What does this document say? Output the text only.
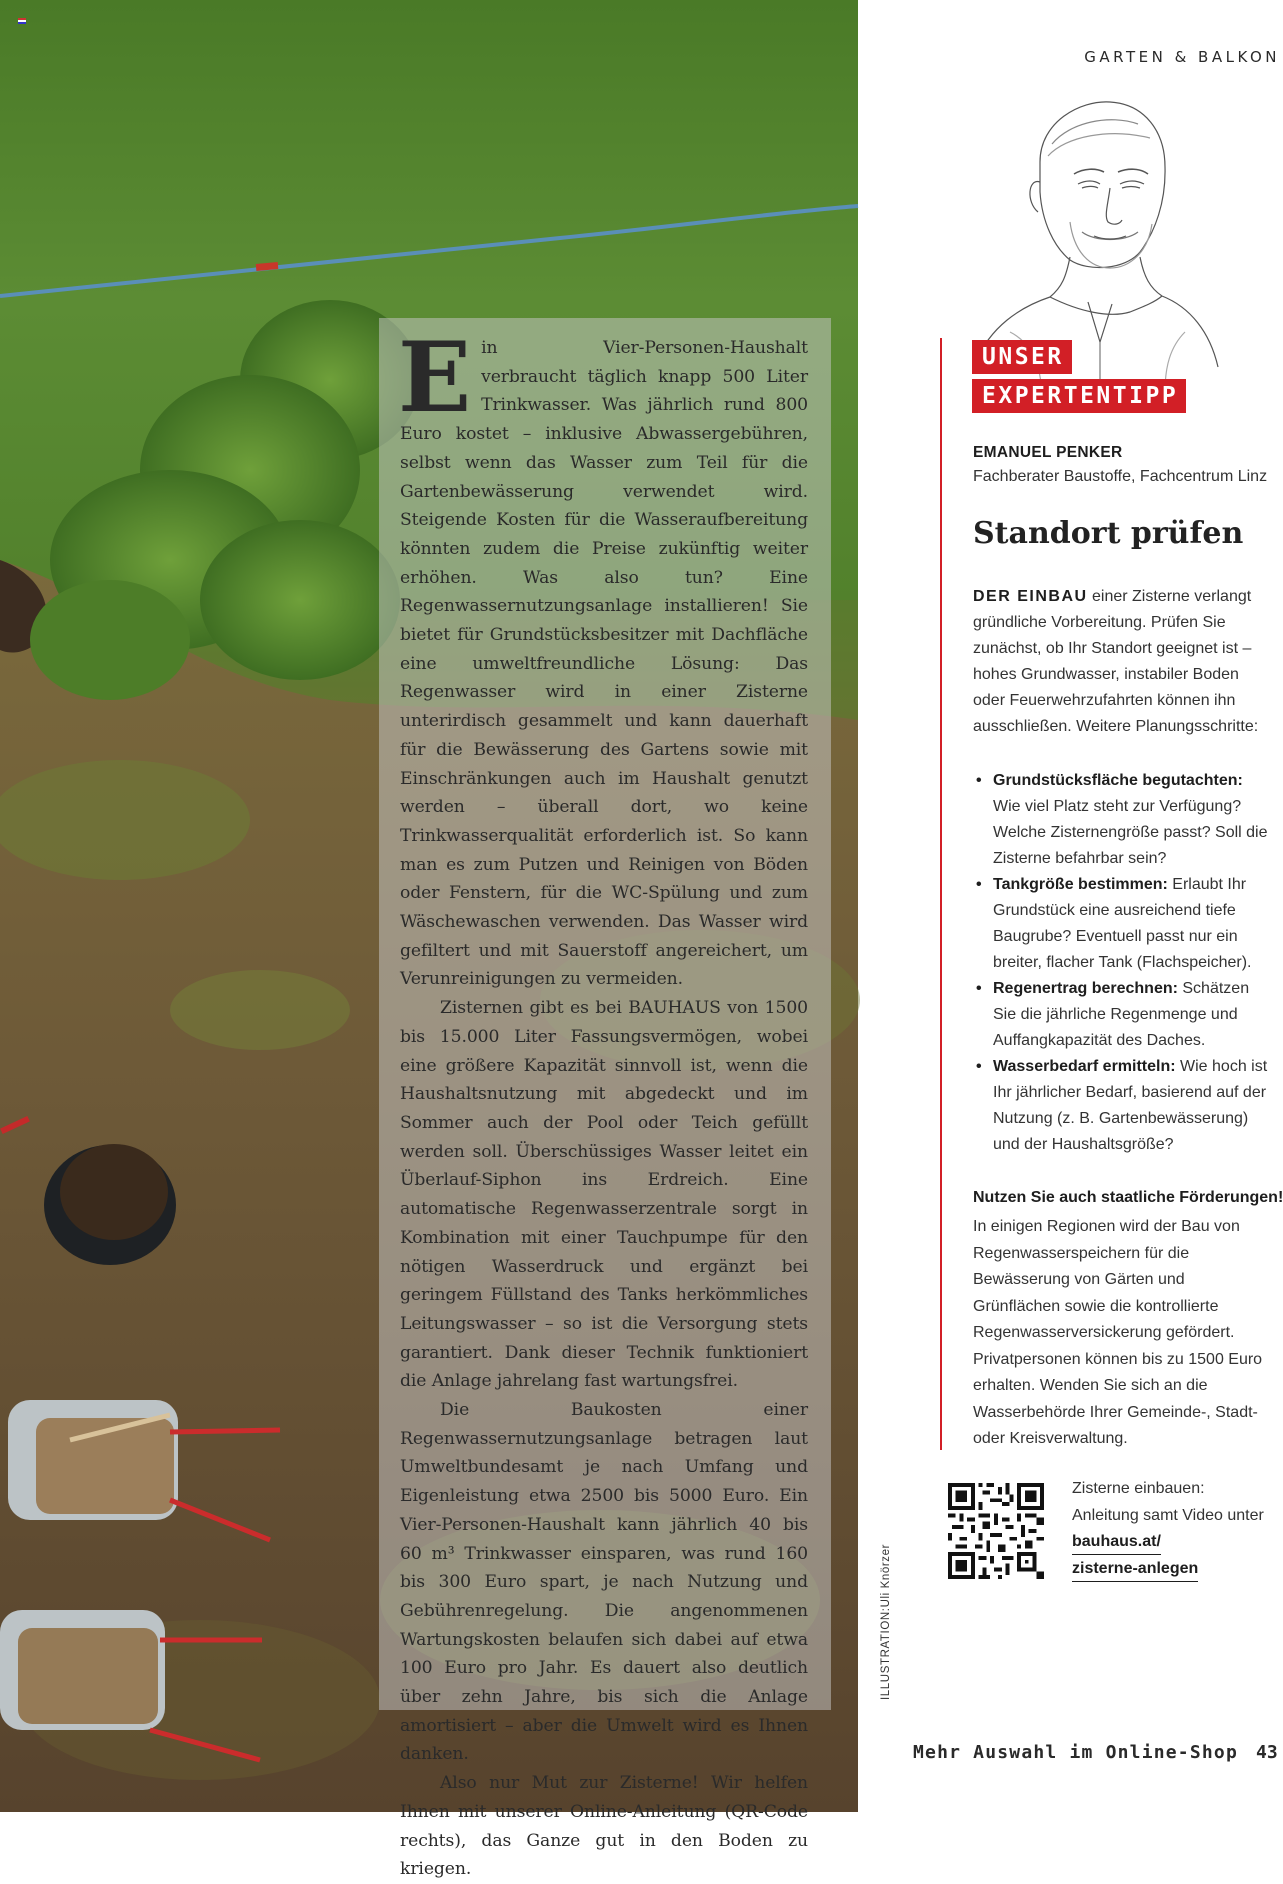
E in Vier-Personen-Haushalt verbraucht täglich knapp 500 Liter Trinkwasser. Was jährlich rund 800 Euro kostet – inklusive Abwassergebühren, selbst wenn das Wasser zum Teil für die Gartenbewässerung verwendet wird. Steigende Kosten für die Wasseraufbereitung könnten zudem die Preise zukünftig weiter erhöhen. Was also tun? Eine Regenwassernutzungsanlage installieren! Sie bietet für Grundstücksbesitzer mit Dachfläche eine umweltfreundliche Lösung: Das Regenwasser wird in einer Zisterne unterirdisch gesammelt und kann dauerhaft für die Bewässerung des Gartens sowie mit Einschränkungen auch im Haushalt genutzt werden – überall dort, wo keine Trinkwasserqualität erforderlich ist. So kann man es zum Putzen und Reinigen von Böden oder Fenstern, für die WC-Spülung und zum Wäschewaschen verwenden. Das Wasser wird gefiltert und mit Sauerstoff angereichert, um Verunreinigungen zu vermeiden.

Zisternen gibt es bei BAUHAUS von 1500 bis 15.000 Liter Fassungsvermögen, wobei eine größere Kapazität sinnvoll ist, wenn die Haushaltsnutzung mit abgedeckt und im Sommer auch der Pool oder Teich gefüllt werden soll. Überschüssiges Wasser leitet ein Überlauf-Siphon ins Erdreich. Eine automatische Regenwasserzentrale sorgt in Kombination mit einer Tauchpumpe für den nötigen Wasserdruck und ergänzt bei geringem Füllstand des Tanks herkömmliches Leitungswasser – so ist die Versorgung stets garantiert. Dank dieser Technik funktioniert die Anlage jahrelang fast wartungsfrei.

Die Baukosten einer Regenwassernutzungsanlage betragen laut Umweltbundesamt je nach Umfang und Eigenleistung etwa 2500 bis 5000 Euro. Ein Vier-Personen-Haushalt kann jährlich 40 bis 60 m³ Trinkwasser einsparen, was rund 160 bis 300 Euro spart, je nach Nutzung und Gebührenregelung. Die angenommenen Wartungskosten belaufen sich dabei auf etwa 100 Euro pro Jahr. Es dauert also deutlich über zehn Jahre, bis sich die Anlage amortisiert – aber die Umwelt wird es Ihnen danken.

Also nur Mut zur Zisterne! Wir helfen Ihnen mit unserer Online-Anleitung (QR-Code rechts), das Ganze gut in den Boden zu kriegen.

ILLUSTRATION:Uli Knörzer
GARTEN & BALKON
UNSER
EXPERTENTIPP
EMANUEL PENKER
Fachberater Baustoffe, Fachcentrum Linz
Standort prüfen
DER EINBAU einer Zisterne verlangt gründliche Vorbereitung. Prüfen Sie zunächst, ob Ihr Standort geeignet ist – hohes Grundwasser, instabiler Boden oder Feuerwehrzufahrten können ihn ausschließen. Weitere Planungsschritte:
• Grundstücksfläche begutachten: Wie viel Platz steht zur Verfügung? Welche Zisternengröße passt? Soll die Zisterne befahrbar sein?
• Tankgröße bestimmen: Erlaubt Ihr Grundstück eine ausreichend tiefe Baugrube? Eventuell passt nur ein breiter, flacher Tank (Flachspeicher).
• Regenertrag berechnen: Schätzen Sie die jährliche Regenmenge und Auffangkapazität des Daches.
• Wasserbedarf ermitteln: Wie hoch ist Ihr jährlicher Bedarf, basierend auf der Nutzung (z. B. Gartenbewässerung) und der Haushaltsgröße?
Nutzen Sie auch staatliche Förderungen!
In einigen Regionen wird der Bau von Regenwasserspeichern für die Bewässerung von Gärten und Grünflächen sowie die kontrollierte Regenwasserversickerung gefördert. Privatpersonen können bis zu 1500 Euro erhalten. Wenden Sie sich an die Wasserbehörde Ihrer Gemeinde-, Stadt- oder Kreisverwaltung.
Zisterne einbauen:
Anleitung samt Video unter
bauhaus.at/
zisterne-anlegen
Mehr Auswahl im Online-Shop 43
